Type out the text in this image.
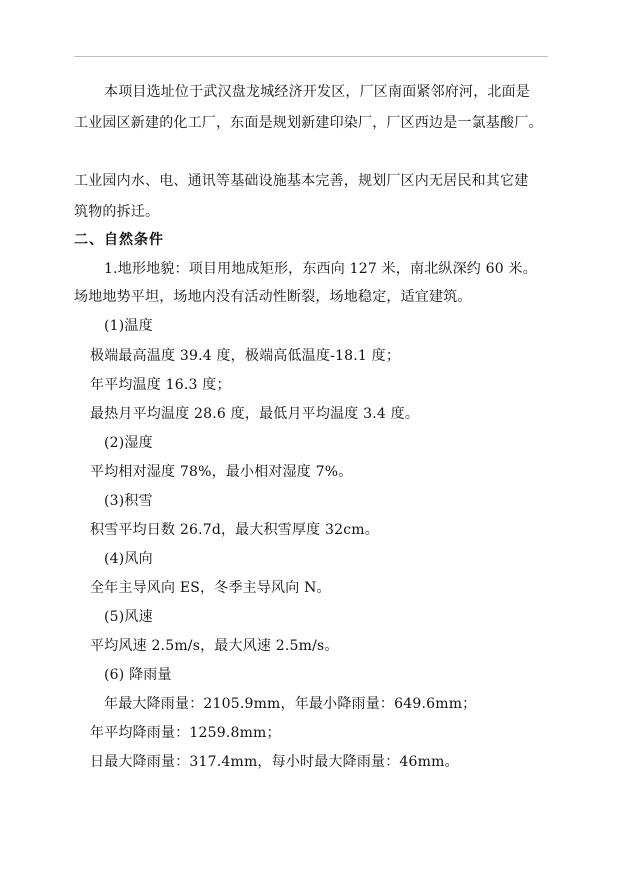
本项目选址位于武汉盘龙城经济开发区，厂区南面紧邻府河，北面是
工业园区新建的化工厂，东面是规划新建印染厂，厂区西边是一氯基酸厂。
工业园内水、电、通讯等基础设施基本完善，规划厂区内无居民和其它建
筑物的拆迁。
二、自然条件
1.地形地貌：项目用地成矩形，东西向 127 米，南北纵深约 60 米。
场地地势平坦，场地内没有活动性断裂，场地稳定，适宜建筑。
(1)温度
极端最高温度 39.4 度，极端高低温度-18.1 度；
年平均温度 16.3 度；
最热月平均温度 28.6 度，最低月平均温度 3.4 度。
(2)湿度
平均相对湿度 78%，最小相对湿度 7%。
(3)积雪
积雪平均日数 26.7d，最大积雪厚度 32cm。
(4)风向
全年主导风向 ES，冬季主导风向 N。
(5)风速
平均风速 2.5m/s，最大风速 2.5m/s。
(6) 降雨量
年最大降雨量：2105.9mm，年最小降雨量：649.6mm；
年平均降雨量：1259.8mm；
日最大降雨量：317.4mm，每小时最大降雨量：46mm。
